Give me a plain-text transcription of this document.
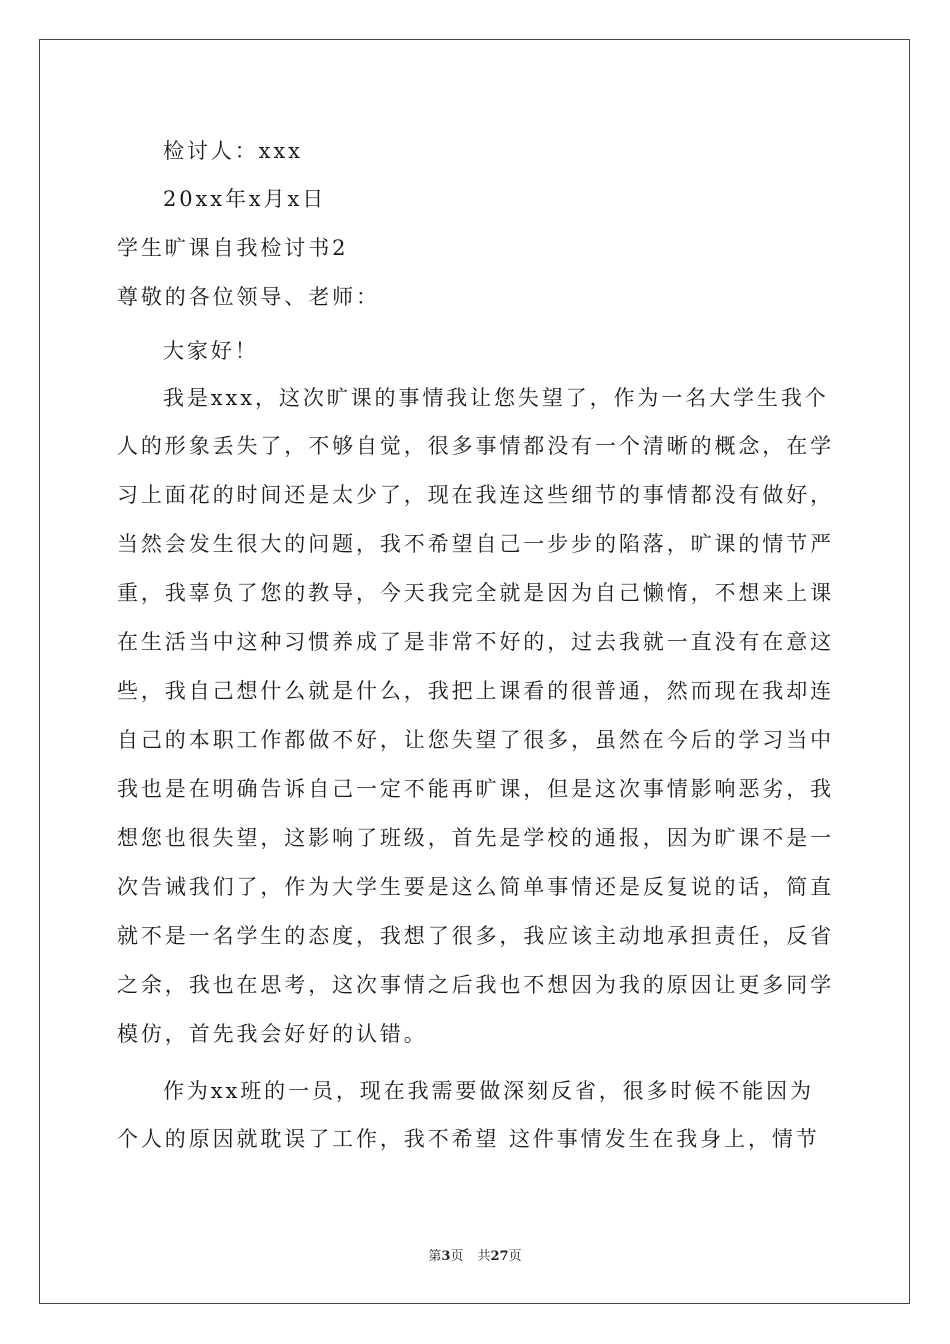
检讨人：xxx
20xx年x月x日
学生旷课自我检讨书2
尊敬的各位领导、老师：
大家好！
我是xxx，这次旷课的事情我让您失望了，作为一名大学生我个
人的形象丢失了，不够自觉，很多事情都没有一个清晰的概念，在学
习上面花的时间还是太少了，现在我连这些细节的事情都没有做好，
当然会发生很大的问题，我不希望自己一步步的陷落，旷课的情节严
重，我辜负了您的教导，今天我完全就是因为自己懒惰，不想来上课
在生活当中这种习惯养成了是非常不好的，过去我就一直没有在意这
些，我自己想什么就是什么，我把上课看的很普通，然而现在我却连
自己的本职工作都做不好，让您失望了很多，虽然在今后的学习当中
我也是在明确告诉自己一定不能再旷课，但是这次事情影响恶劣，我
想您也很失望，这影响了班级，首先是学校的通报，因为旷课不是一
次告诫我们了，作为大学生要是这么简单事情还是反复说的话，简直
就不是一名学生的态度，我想了很多，我应该主动地承担责任，反省
之余，我也在思考，这次事情之后我也不想因为我的原因让更多同学
模仿，首先我会好好的认错。
作为xx班的一员，现在我需要做深刻反省，很多时候不能因为
个人的原因就耽误了工作，我不希望 这件事情发生在我身上，情节
第3页 共27页
